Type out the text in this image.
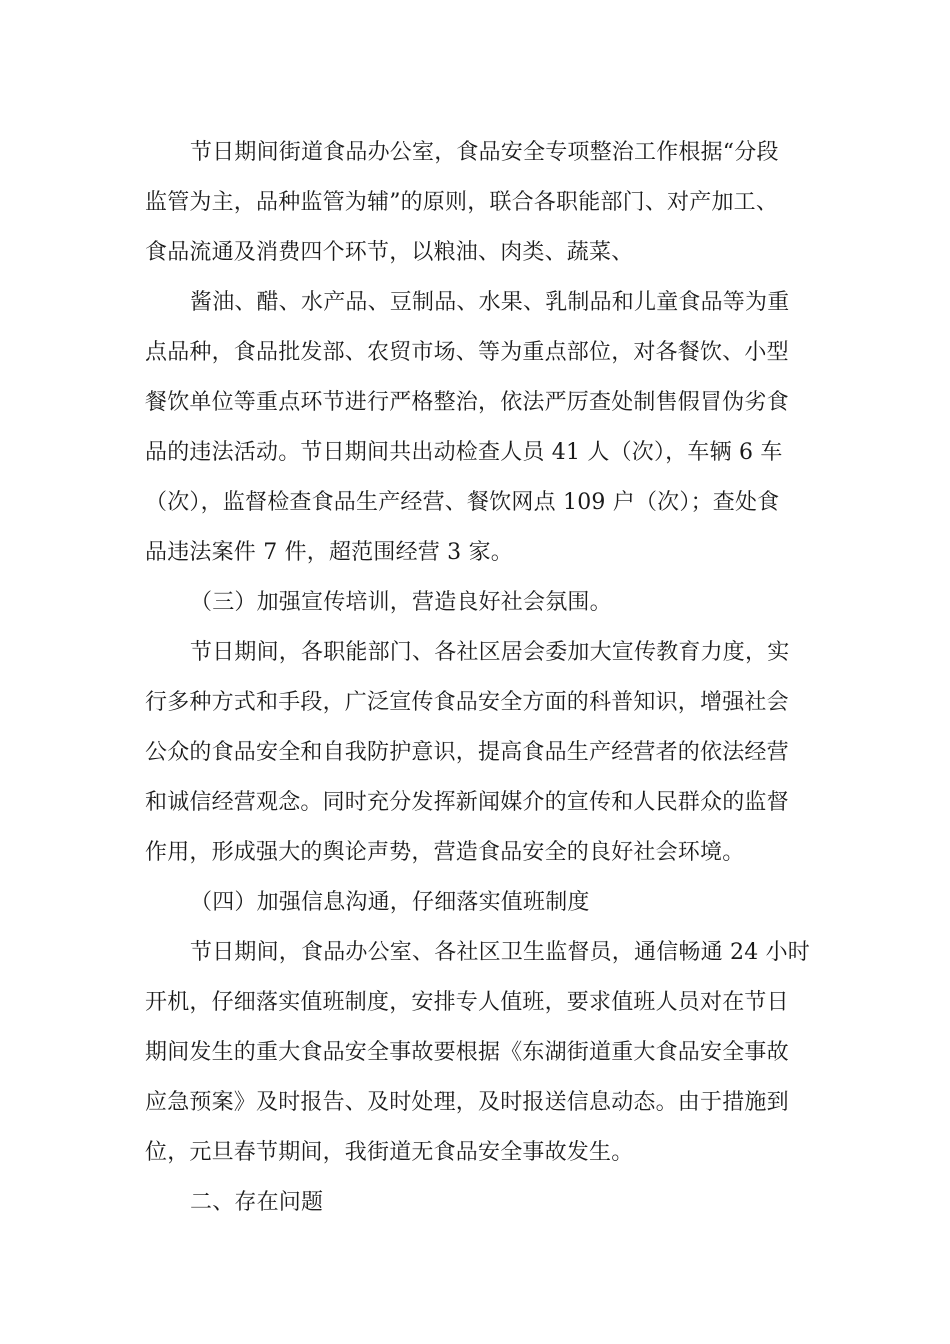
节日期间街道食品办公室，食品安全专项整治工作根据“分段
监管为主，品种监管为辅”的原则，联合各职能部门、对产加工、
食品流通及消费四个环节，以粮油、肉类、蔬菜、
酱油、醋、水产品、豆制品、水果、乳制品和儿童食品等为重
点品种，食品批发部、农贸市场、等为重点部位，对各餐饮、小型
餐饮单位等重点环节进行严格整治，依法严厉查处制售假冒伪劣食
品的违法活动。节日期间共出动检查人员 41 人（次），车辆 6 车
（次），监督检查食品生产经营、餐饮网点 109 户（次）；查处食
品违法案件 7 件，超范围经营 3 家。
（三）加强宣传培训，营造良好社会氛围。
节日期间，各职能部门、各社区居会委加大宣传教育力度，实
行多种方式和手段，广泛宣传食品安全方面的科普知识，增强社会
公众的食品安全和自我防护意识，提高食品生产经营者的依法经营
和诚信经营观念。同时充分发挥新闻媒介的宣传和人民群众的监督
作用，形成强大的舆论声势，营造食品安全的良好社会环境。
（四）加强信息沟通，仔细落实值班制度
节日期间，食品办公室、各社区卫生监督员，通信畅通 24 小时
开机，仔细落实值班制度，安排专人值班，要求值班人员对在节日
期间发生的重大食品安全事故要根据《东湖街道重大食品安全事故
应急预案》及时报告、及时处理，及时报送信息动态。由于措施到
位，元旦春节期间，我街道无食品安全事故发生。
二、存在问题
